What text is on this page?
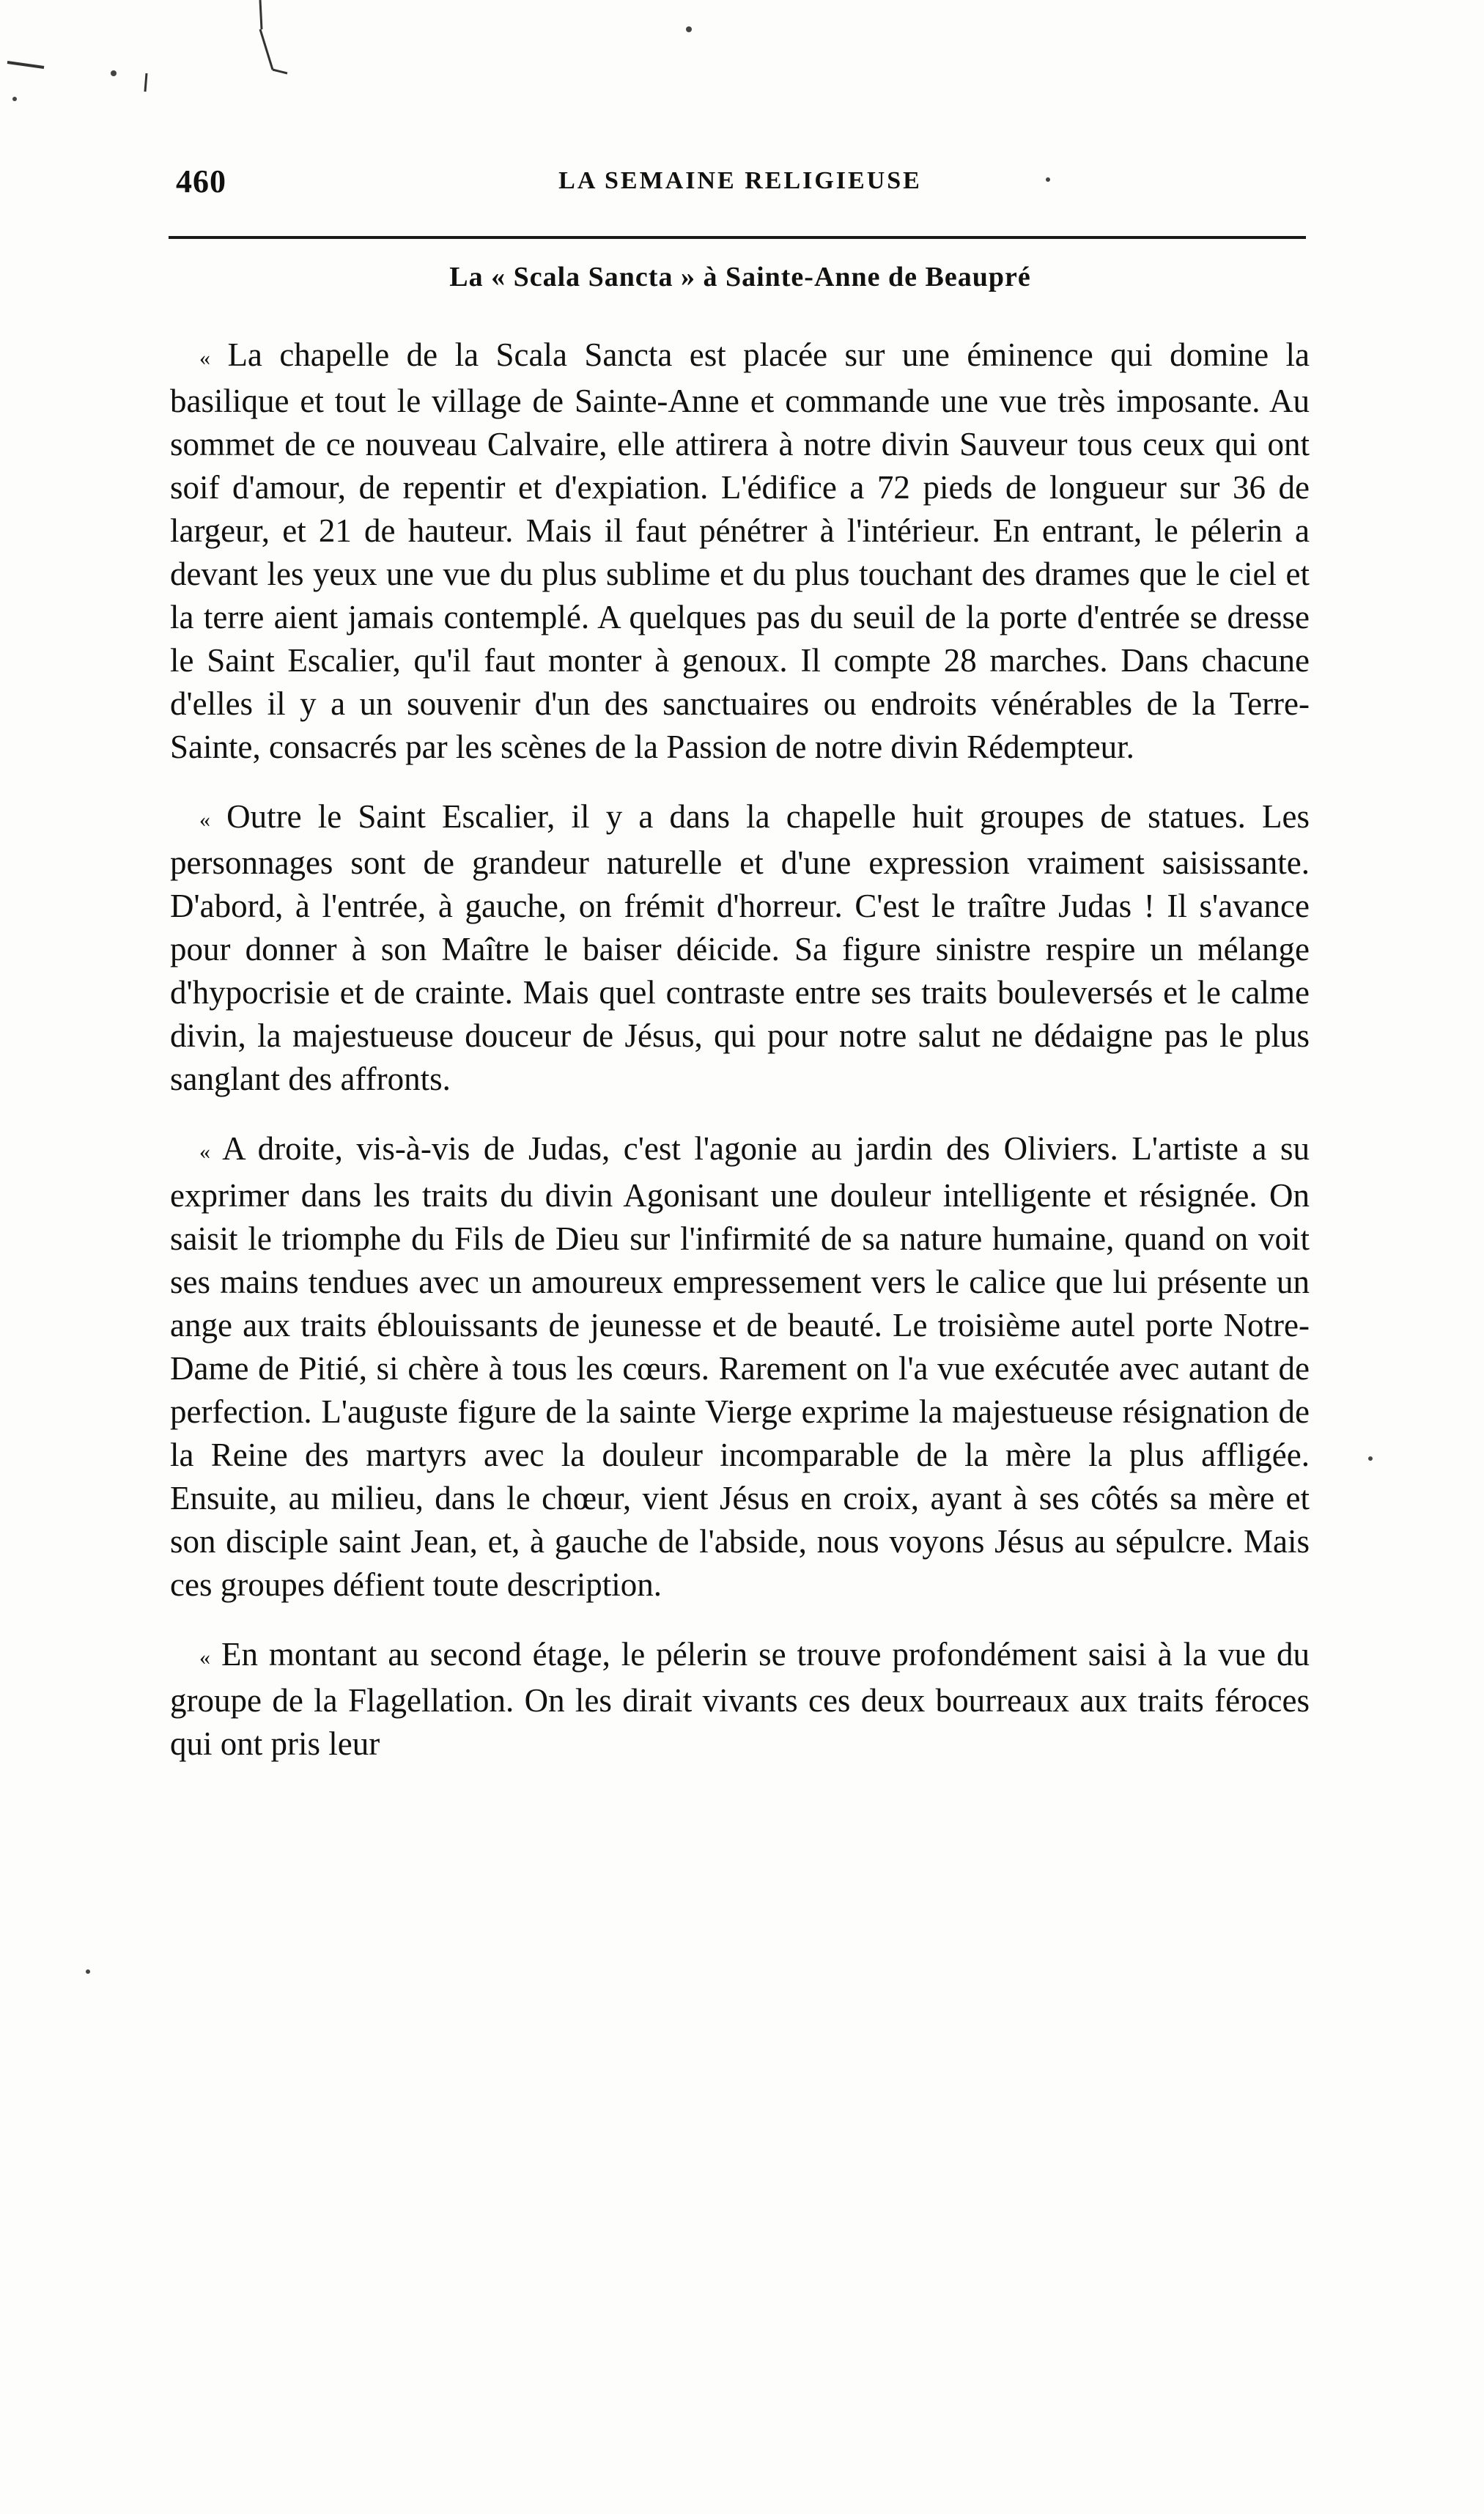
460	LA SEMAINE RELIGIEUSE
La « Scala Sancta » à Sainte-Anne de Beaupré

« La chapelle de la Scala Sancta est placée sur une éminence qui domine la basilique et tout le village de Sainte-Anne et commande une vue très imposante. Au sommet de ce nouveau Calvaire, elle attirera à notre divin Sauveur tous ceux qui ont soif d'amour, de repentir et d'expiation. L'édifice a 72 pieds de longueur sur 36 de largeur, et 21 de hauteur. Mais il faut pénétrer à l'intérieur. En entrant, le pélerin a devant les yeux une vue du plus sublime et du plus touchant des drames que le ciel et la terre aient jamais contemplé. A quelques pas du seuil de la porte d'entrée se dresse le Saint Escalier, qu'il faut monter à genoux. Il compte 28 marches. Dans chacune d'elles il y a un souvenir d'un des sanctuaires ou endroits vénérables de la Terre-Sainte, consacrés par les scènes de la Passion de notre divin Rédempteur.

« Outre le Saint Escalier, il y a dans la chapelle huit groupes de statues. Les personnages sont de grandeur naturelle et d'une expression vraiment saisissante. D'abord, à l'entrée, à gauche, on frémit d'horreur. C'est le traître Judas ! Il s'avance pour donner à son Maître le baiser déicide. Sa figure sinistre respire un mélange d'hypocrisie et de crainte. Mais quel contraste entre ses traits bouleversés et le calme divin, la majestueuse douceur de Jésus, qui pour notre salut ne dédaigne pas le plus sanglant des affronts.

« A droite, vis-à-vis de Judas, c'est l'agonie au jardin des Oliviers. L'artiste a su exprimer dans les traits du divin Agonisant une douleur intelligente et résignée. On saisit le triomphe du Fils de Dieu sur l'infirmité de sa nature humaine, quand on voit ses mains tendues avec un amoureux empressement vers le calice que lui présente un ange aux traits éblouissants de jeunesse et de beauté. Le troisième autel porte Notre-Dame de Pitié, si chère à tous les cœurs. Rarement on l'a vue exécutée avec autant de perfection. L'auguste figure de la sainte Vierge exprime la majestueuse résignation de la Reine des martyrs avec la douleur incomparable de la mère la plus affligée. Ensuite, au milieu, dans le chœur, vient Jésus en croix, ayant à ses côtés sa mère et son disciple saint Jean, et, à gauche de l'abside, nous voyons Jésus au sépulcre. Mais ces groupes défient toute description.

« En montant au second étage, le pélerin se trouve profondément saisi à la vue du groupe de la Flagellation. On les dirait vivants ces deux bourreaux aux traits féroces qui ont pris leur
